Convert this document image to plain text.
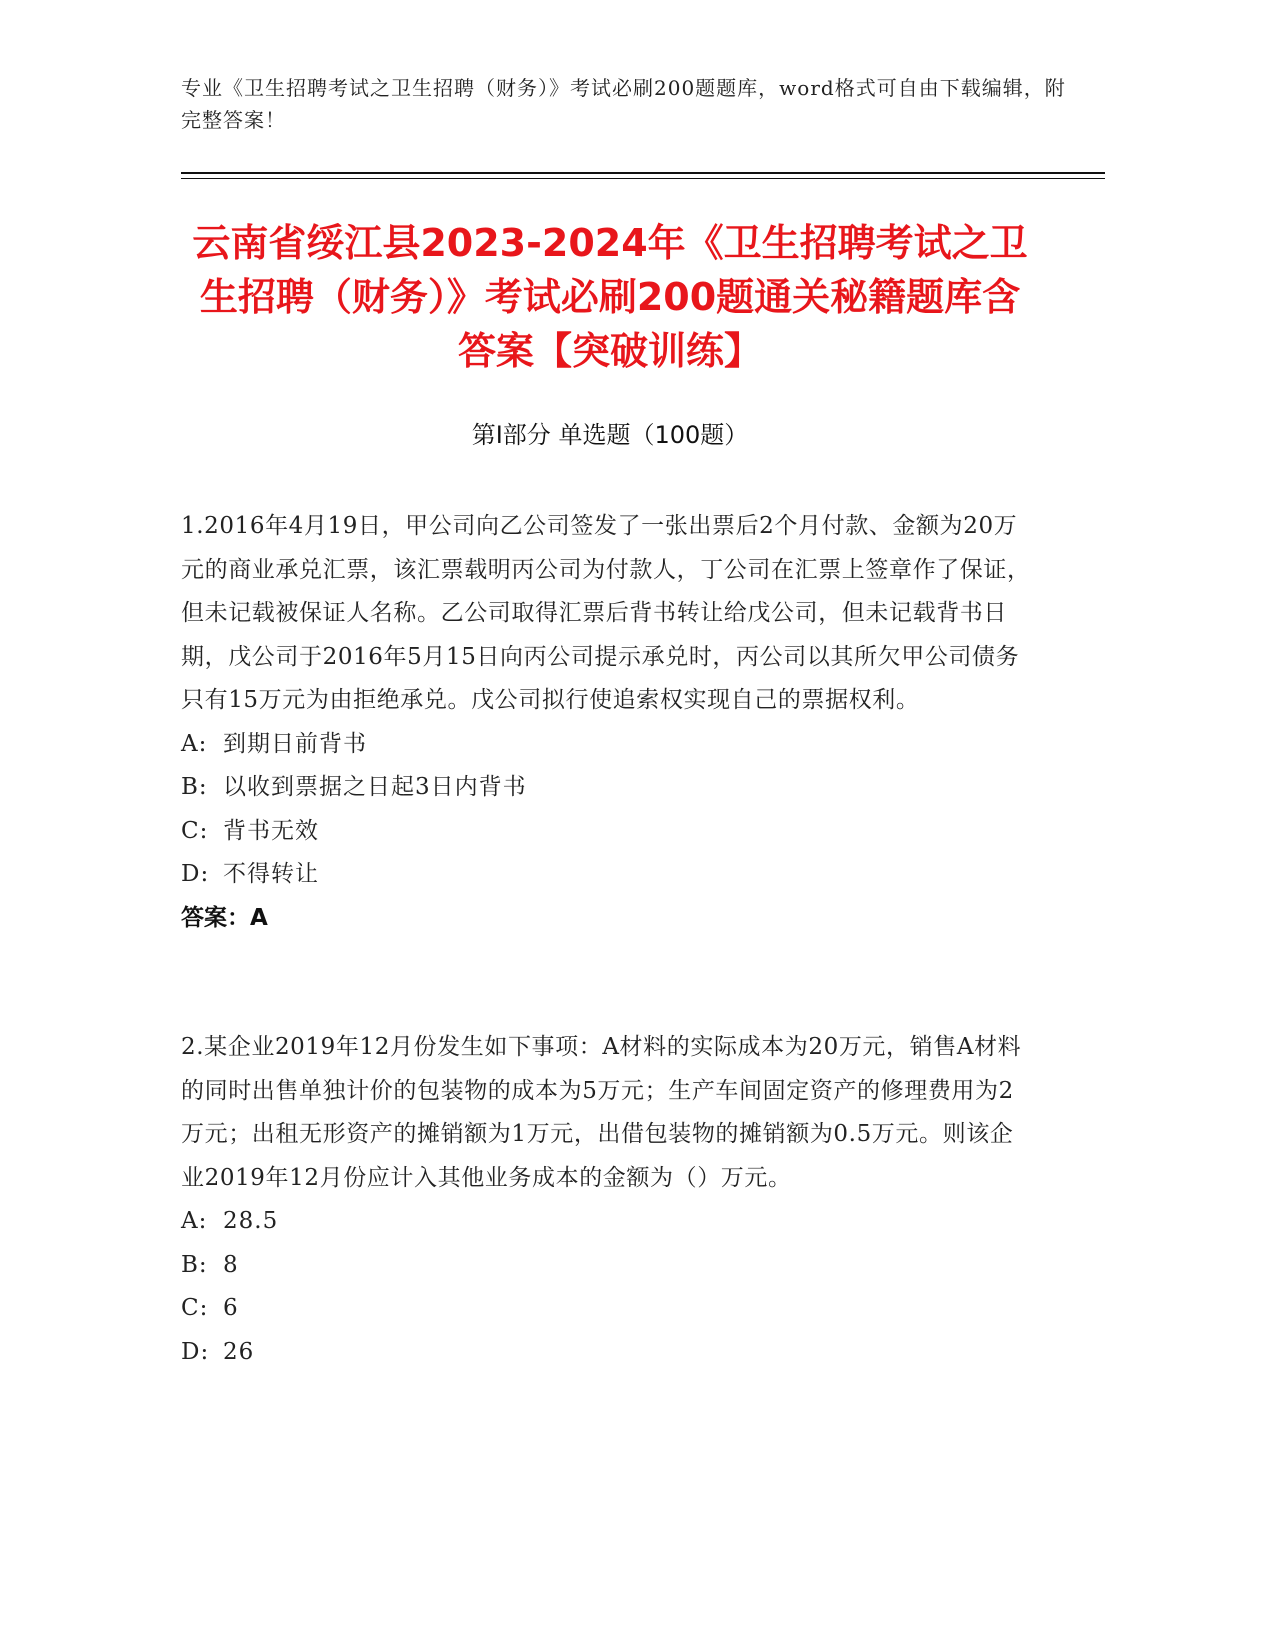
专业《卫生招聘考试之卫生招聘（财务）》考试必刷200题题库，word格式可自由下载编辑，附完整答案！
云南省绥江县2023-2024年《卫生招聘考试之卫生招聘（财务）》考试必刷200题通关秘籍题库含答案【突破训练】
第Ⅰ部分 单选题（100题）

1.2016年4月19日，甲公司向乙公司签发了一张出票后2个月付款、金额为20万元的商业承兑汇票，该汇票载明丙公司为付款人，丁公司在汇票上签章作了保证，但未记载被保证人名称。乙公司取得汇票后背书转让给戊公司，但未记载背书日期，戊公司于2016年5月15日向丙公司提示承兑时，丙公司以其所欠甲公司债务只有15万元为由拒绝承兑。戊公司拟行使追索权实现自己的票据权利。

A: 到期日前背书

B: 以收到票据之日起3日内背书

C: 背书无效

D: 不得转让

答案：A

2.某企业2019年12月份发生如下事项：A材料的实际成本为20万元，销售A材料的同时出售单独计价的包装物的成本为5万元；生产车间固定资产的修理费用为2万元；出租无形资产的摊销额为1万元，出借包装物的摊销额为0.5万元。则该企业2019年12月份应计入其他业务成本的金额为（）万元。

A: 28.5

B: 8

C: 6

D: 26
